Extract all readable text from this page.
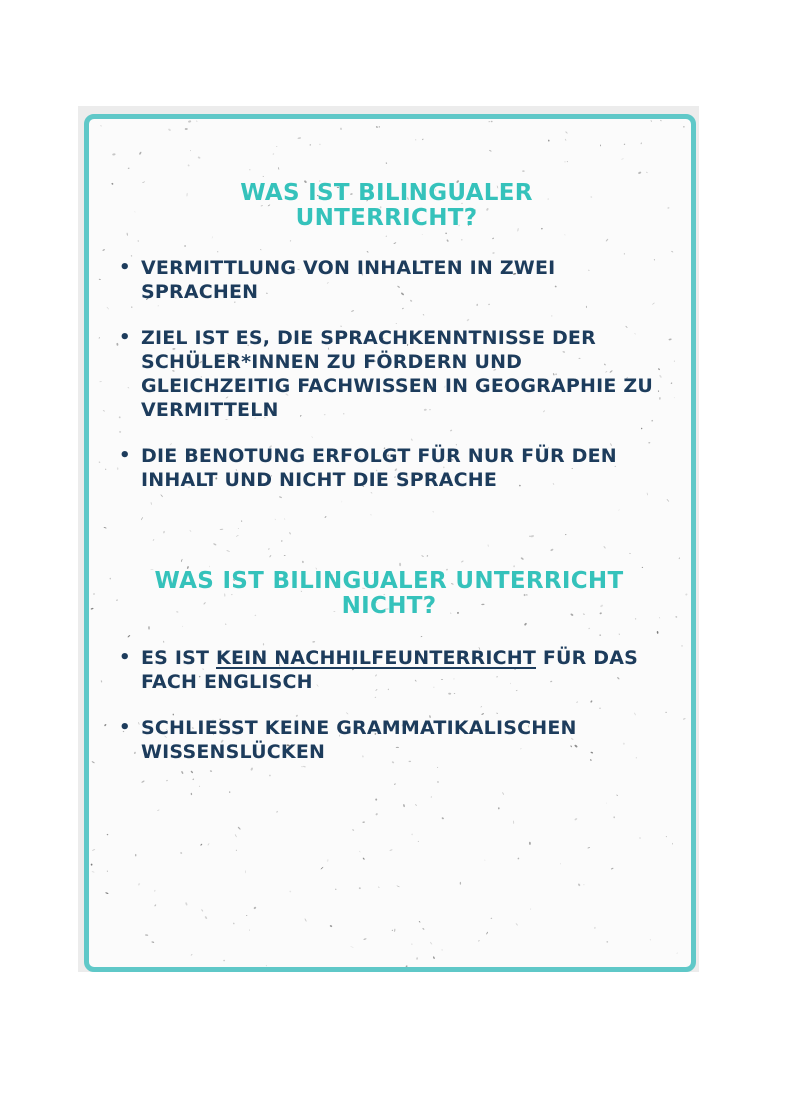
WAS IST BILINGUALER UNTERRICHT?
• VERMITTLUNG VON INHALTEN IN ZWEI SPRACHEN
• ZIEL IST ES, DIE SPRACHKENNTNISSE DER SCHÜLER*INNEN ZU FÖRDERN UND GLEICHZEITIG FACHWISSEN IN GEOGRAPHIE ZU VERMITTELN
• DIE BENOTUNG ERFOLGT FÜR NUR FÜR DEN INHALT UND NICHT DIE SPRACHE
WAS IST BILINGUALER UNTERRICHT NICHT?
• ES IST KEIN NACHHILFEUNTERRICHT FÜR DAS FACH ENGLISCH
• SCHLIESST KEINE GRAMMATIKALISCHEN WISSENSLÜCKEN
